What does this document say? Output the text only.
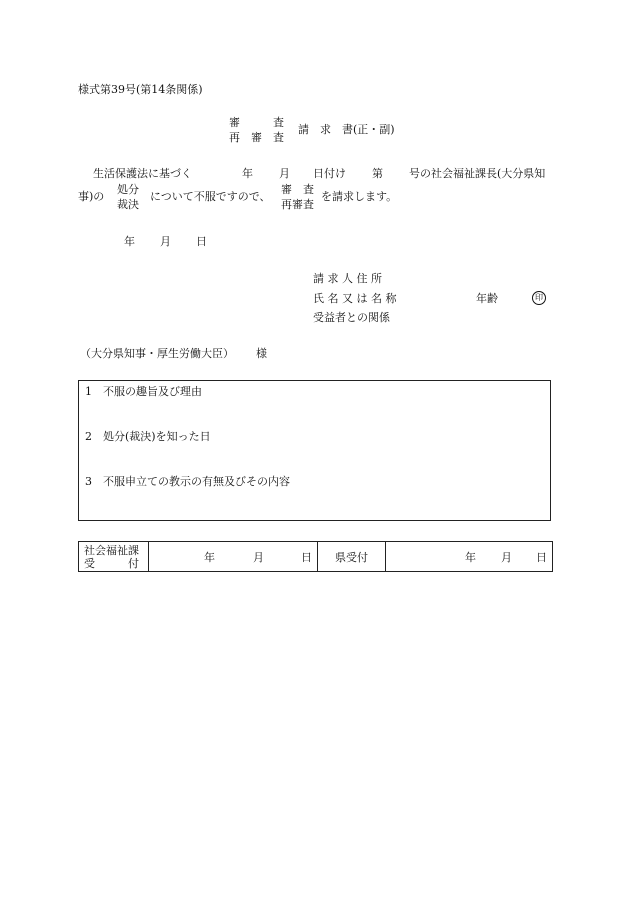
様式第39号(第14条関係)
審　　　査
再　審　査
請　求　書(正・副)
生活保護法に基づく	年 月 日付け 第 号の社会福祉課長(大分県知
事)の
処分
裁決
について不服ですので、
審　査
再審査
を請求します。
年 月 日
請 求 人 住 所
氏 名 又 は 名 称	年齢	印
受益者との関係
（大分県知事・厚生労働大臣） 様
1　不服の趣旨及び理由
2　処分(裁決)を知った日
3　不服申立ての教示の有無及びその内容
社会福祉課
受　　　付	年	月	日	県受付	年 月 日
